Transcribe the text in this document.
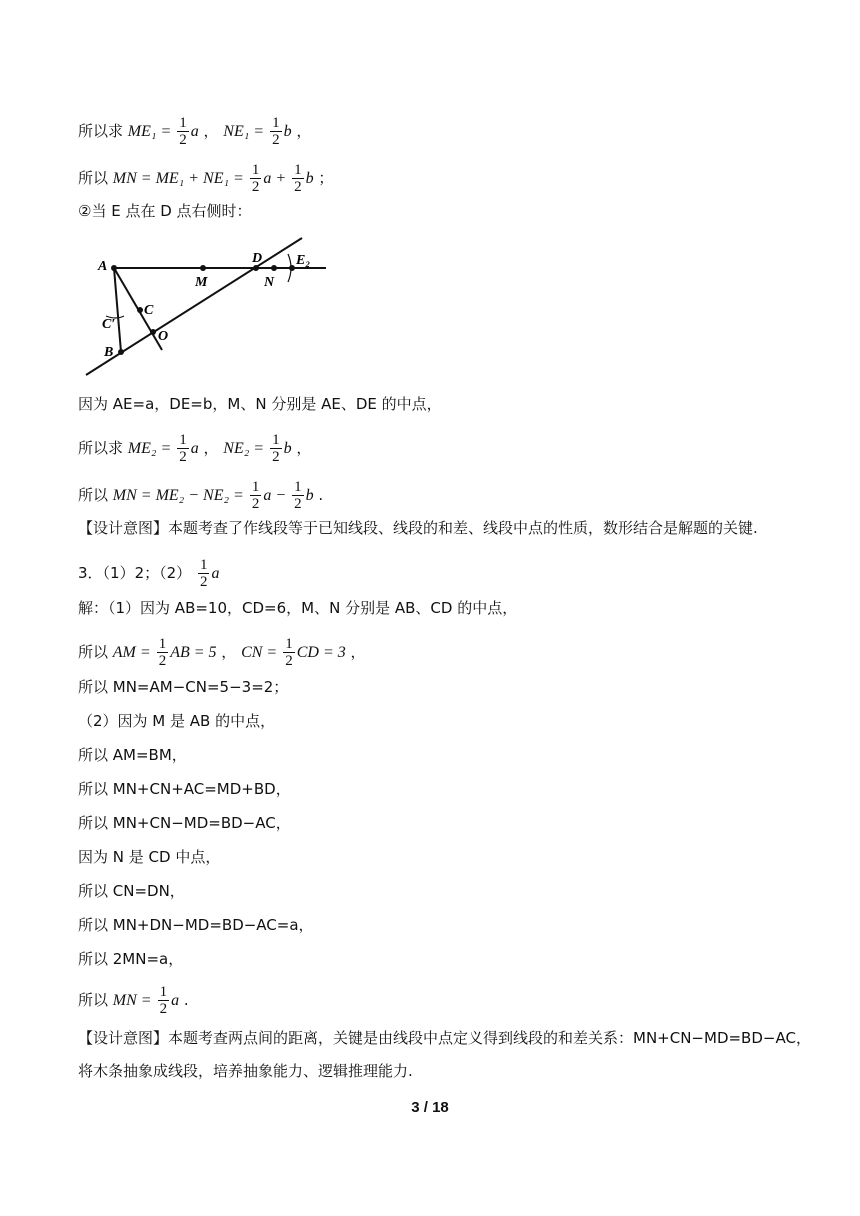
所以求 $ME_1 = \frac{1}{2}$ a ， $NE_1 = \frac{1}{2}$ b ，
所以 MN = $ME_1 + NE_1 = \frac{1}{2}$ $a + \frac{1}{2}$ b ；
②当 E 点在 D 点右侧时：
A
M
D
N
E₂
C
C′
O
B
因为 AE=a，DE=b，M、N 分别是 AE、DE 的中点，
所以求 $ME_2 = \frac{1}{2}$ a ， $NE_2 = \frac{1}{2}$ b ，
所以 MN = $ME_2 - NE_2 = \frac{1}{2}$ $a - \frac{1}{2}$ b .
【设计意图】本题考查了作线段等于已知线段、线段的和差、线段中点的性质，数形结合是解题的关键.
3．（1）2；$(2) \frac{1}{2}$ a
解：（1）因为 AB=10，CD=6，M、N 分别是 AB、CD 的中点，
所以 AM = $\frac{1}{2}$ AB = 5 ， CN = $\frac{1}{2}$ CD = 3 ，
所以 MN=AM−CN=5−3=2；
（2）因为 M 是 AB 的中点，
所以 AM=BM，
所以 MN+CN+AC=MD+BD，
所以 MN+CN−MD=BD−AC，
因为 N 是 CD 中点，
所以 CN=DN，
所以 MN+DN−MD=BD−AC=a，
所以 2MN=a，
所以 MN = $\frac{1}{2}$ a .
【设计意图】本题考查两点间的距离，关键是由线段中点定义得到线段的和差关系：MN+CN−MD=BD−AC，
将木条抽象成线段，培养抽象能力、逻辑推理能力.
3 / 18
